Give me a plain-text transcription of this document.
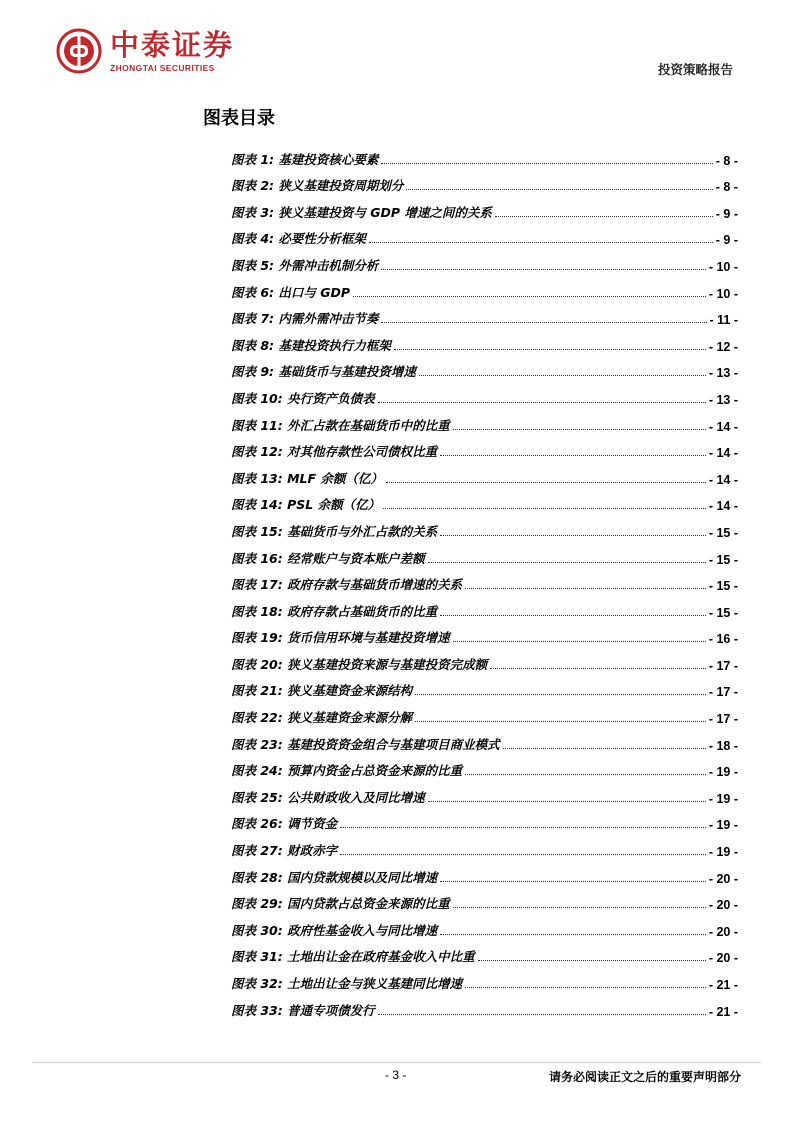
中泰证券
ZHONGTAI SECURITIES	投资策略报告
图表目录
图表 1: 基建投资核心要素	- 8 -
图表 2: 狭义基建投资周期划分	- 8 -
图表 3: 狭义基建投资与 GDP 增速之间的关系	- 9 -
图表 4: 必要性分析框架	- 9 -
图表 5: 外需冲击机制分析	- 10 -
图表 6: 出口与 GDP	- 10 -
图表 7: 内需外需冲击节奏	- 11 -
图表 8: 基建投资执行力框架	- 12 -
图表 9: 基础货币与基建投资增速	- 13 -
图表 10: 央行资产负债表	- 13 -
图表 11: 外汇占款在基础货币中的比重	- 14 -
图表 12: 对其他存款性公司债权比重	- 14 -
图表 13: MLF 余额（亿）	- 14 -
图表 14: PSL 余额（亿）	- 14 -
图表 15: 基础货币与外汇占款的关系	- 15 -
图表 16: 经常账户与资本账户差额	- 15 -
图表 17: 政府存款与基础货币增速的关系	- 15 -
图表 18: 政府存款占基础货币的比重	- 15 -
图表 19: 货币信用环境与基建投资增速	- 16 -
图表 20: 狭义基建投资来源与基建投资完成额	- 17 -
图表 21: 狭义基建资金来源结构	- 17 -
图表 22: 狭义基建资金来源分解	- 17 -
图表 23: 基建投资资金组合与基建项目商业模式	- 18 -
图表 24: 预算内资金占总资金来源的比重	- 19 -
图表 25: 公共财政收入及同比增速	- 19 -
图表 26: 调节资金	- 19 -
图表 27: 财政赤字	- 19 -
图表 28: 国内贷款规模以及同比增速	- 20 -
图表 29: 国内贷款占总资金来源的比重	- 20 -
图表 30: 政府性基金收入与同比增速	- 20 -
图表 31: 土地出让金在政府基金收入中比重	- 20 -
图表 32: 土地出让金与狭义基建同比增速	- 21 -
图表 33: 普通专项债发行	- 21 -
- 3 -	请务必阅读正文之后的重要声明部分
